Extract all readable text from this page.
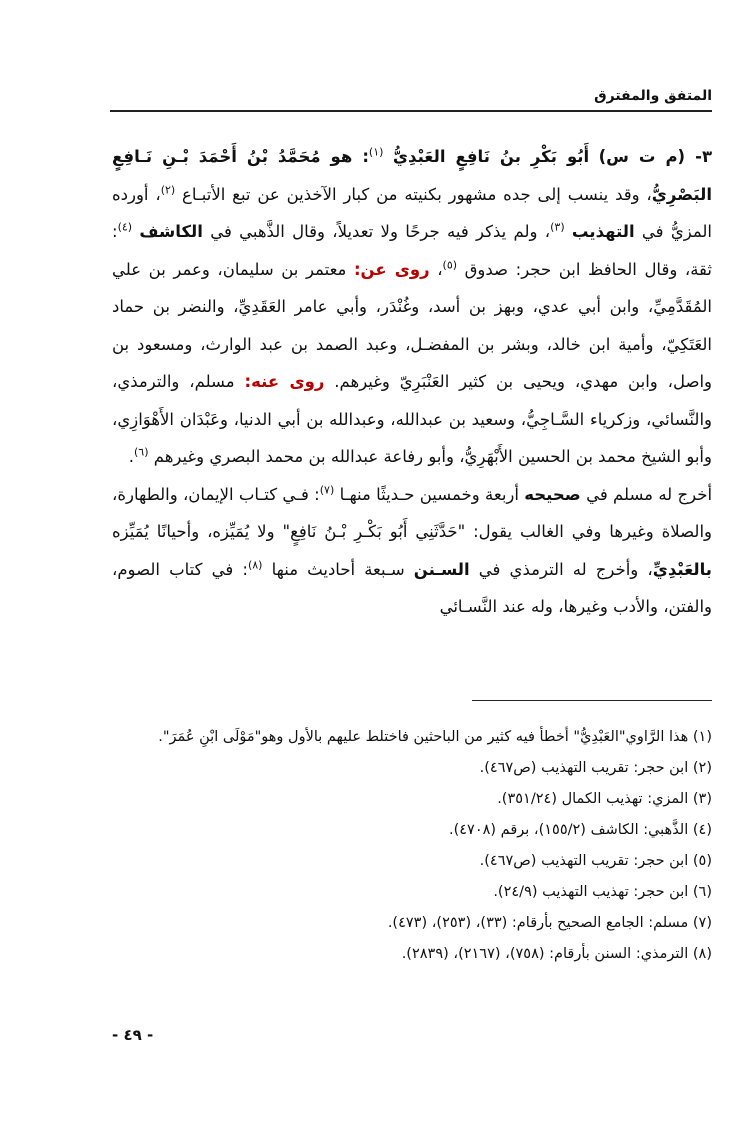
المتفق والمفترق

٣- (م ت س) أَبُو بَكْرِ بنُ نَافِعٍ العَبْدِيُّ $^{(١)}$: هو مُحَمَّدُ بْنُ أَحْمَدَ بْـنِ نَـافِعٍ البَصْرِيُّ، وقد ينسب إلى جده مشهور بكنيته من كبار الآخذين عن تبع الأتبـاع $^{(٢)}$، أورده المزيُّ في التهذيب $^{(٣)}$، ولم يذكر فيه جرحًا ولا تعديلاً، وقال الذَّهبي في الكاشف $^{(٤)}$: ثقة، وقال الحافظ ابن حجر: صدوق $^{(٥)}$، روى عن: معتمر بن سليمان، وعمر بن علي المُقَدَّمِيِّ، وابن أبي عدي، وبهز بن أسد، وغُنْدَر، وأبي عامر العَقَدِيِّ، والنضر بن حماد العَتَكِيّ، وأمية ابن خالد، وبشر بن المفضـل، وعبد الصمد بن عبد الوارث، ومسعود بن واصل، وابن مهدي، ويحيى بن كثير العَنْبَرِيّ وغيرهم. روى عنه: مسلم، والترمذي، والنَّسائي، وزكرياء السَّـاجِيُّ، وسعيد بن عبدالله، وعبدالله بن أبي الدنيا، وعَبْدَان الأَهْوَازِي، وأبو الشيخ محمد بن الحسين الأَبْهَرِيُّ، وأبو رفاعة عبدالله بن محمد البصري وغيرهم $^{(٦)}$.

أخرج له مسلم في صحيحه أربعة وخمسين حـديثًا منهـا $^{(٧)}$: فـي كتـاب الإيمان، والطهارة، والصلاة وغيرها وفي الغالب يقول: "حَدَّثَنِي أَبُو بَكْـرِ بْـنُ نَافِعٍ" ولا يُمَيِّزه، وأحيانًا يُمَيِّزه بالعَبْدِيِّ، وأخرج له الترمذي في السـنن سـبعة أحاديث منها $^{(٨)}$: في كتاب الصوم، والفتن، والأدب وغيرها، وله عند النَّسـائي

(١) هذا الرَّاوي"العَبْدِيُّ" أخطأ فيه كثير من الباحثين فاختلط عليهم بالأول وهو"مَوْلَى ابْنِ عُمَرَ".
(٢) ابن حجر: تقريب التهذيب (ص٤٦٧).
(٣) المزي: تهذيب الكمال (٣٥١/٢٤).
(٤) الذَّهبي: الكاشف (١٥٥/٢)، برقم (٤٧٠٨).
(٥) ابن حجر: تقريب التهذيب (ص٤٦٧).
(٦) ابن حجر: تهذيب التهذيب (٢٤/٩).
(٧) مسلم: الجامع الصحيح بأرقام: (٣٣)، (٢٥٣)، (٤٧٣).
(٨) الترمذي: السنن بأرقام: (٧٥٨)، (٢١٦٧)، (٢٨٣٩).
- ٤٩ -
